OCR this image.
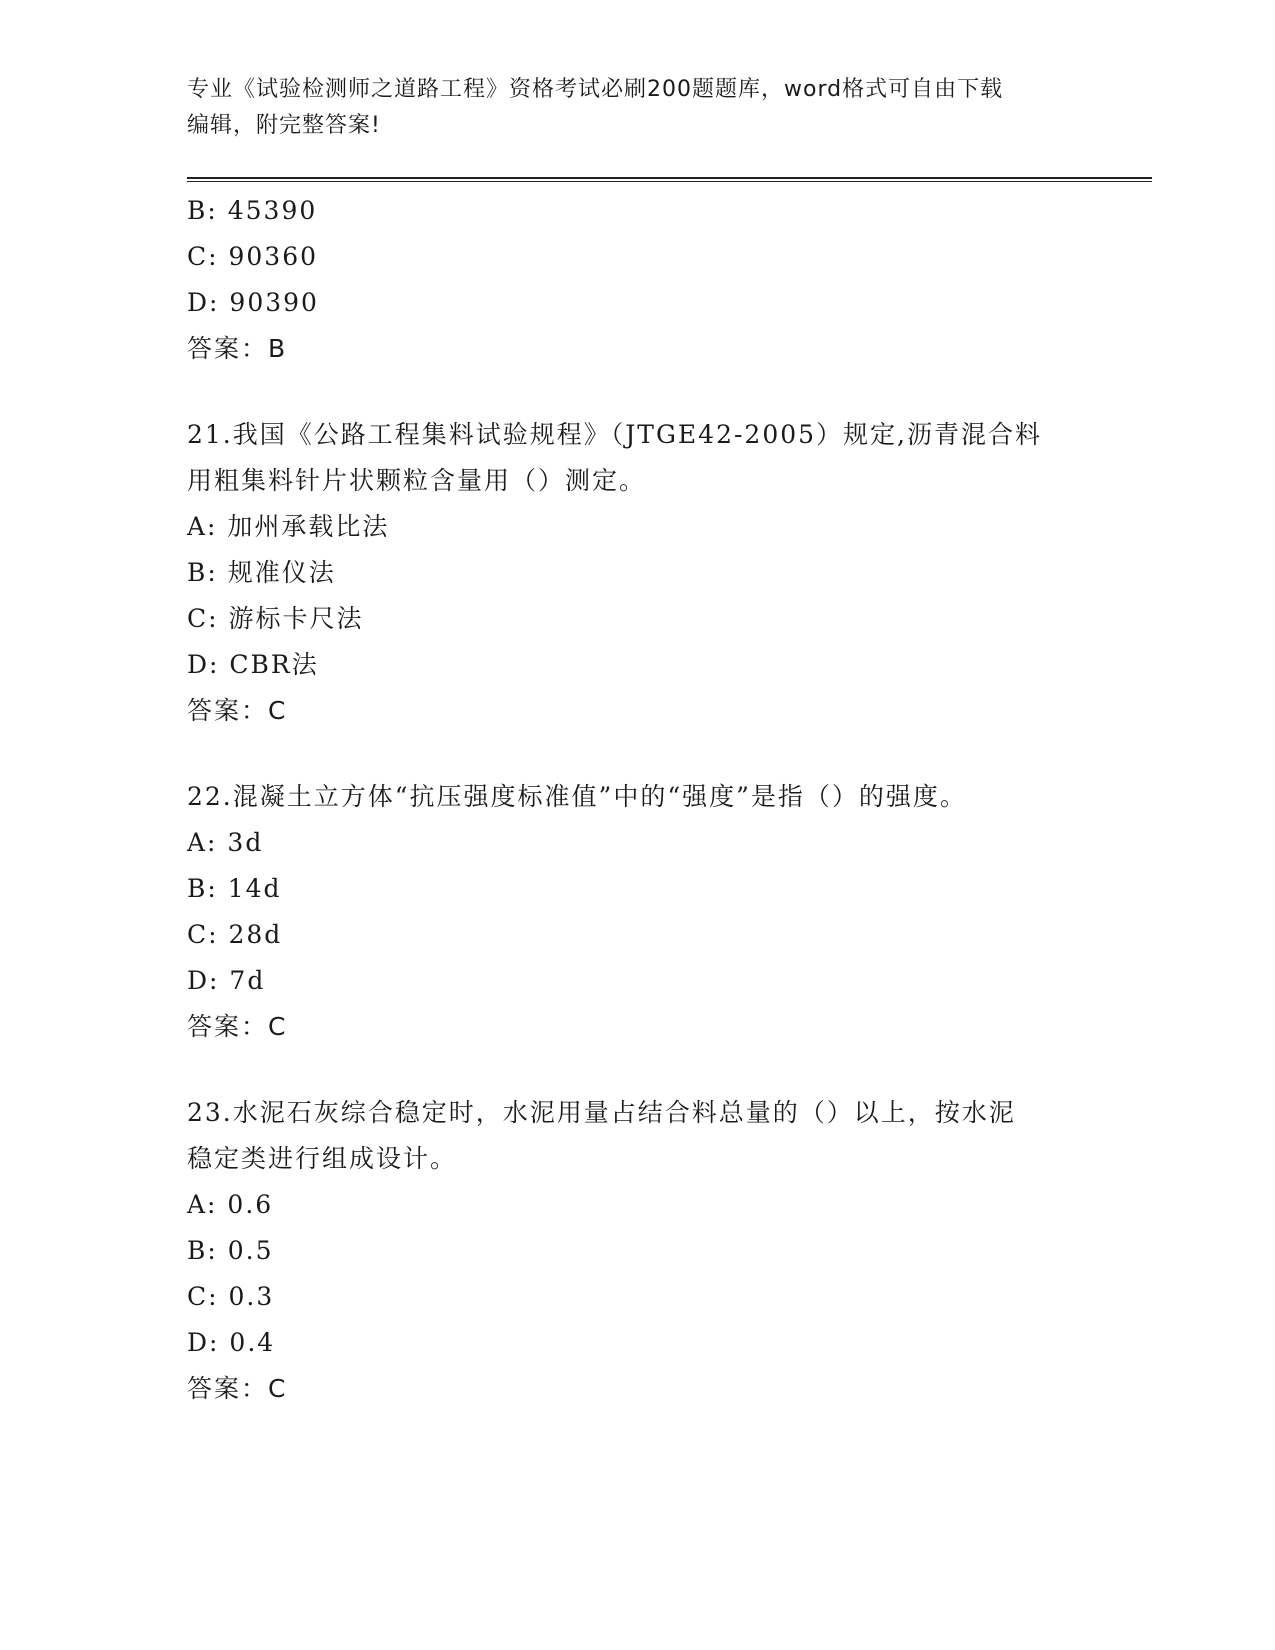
专业《试验检测师之道路工程》资格考试必刷200题题库，word格式可自由下载
编辑，附完整答案!
B: 45390
C: 90360
D: 90390
答案：B
21.我国《公路工程集料试验规程》（JTGE42-2005）规定,沥青混合料
用粗集料针片状颗粒含量用（）测定。
A: 加州承载比法
B: 规准仪法
C: 游标卡尺法
D: CBR法
答案：C
22.混凝土立方体“抗压强度标准值”中的“强度”是指（）的强度。
A: 3d
B: 14d
C: 28d
D: 7d
答案：C
23.水泥石灰综合稳定时，水泥用量占结合料总量的（）以上，按水泥
稳定类进行组成设计。
A: 0.6
B: 0.5
C: 0.3
D: 0.4
答案：C
